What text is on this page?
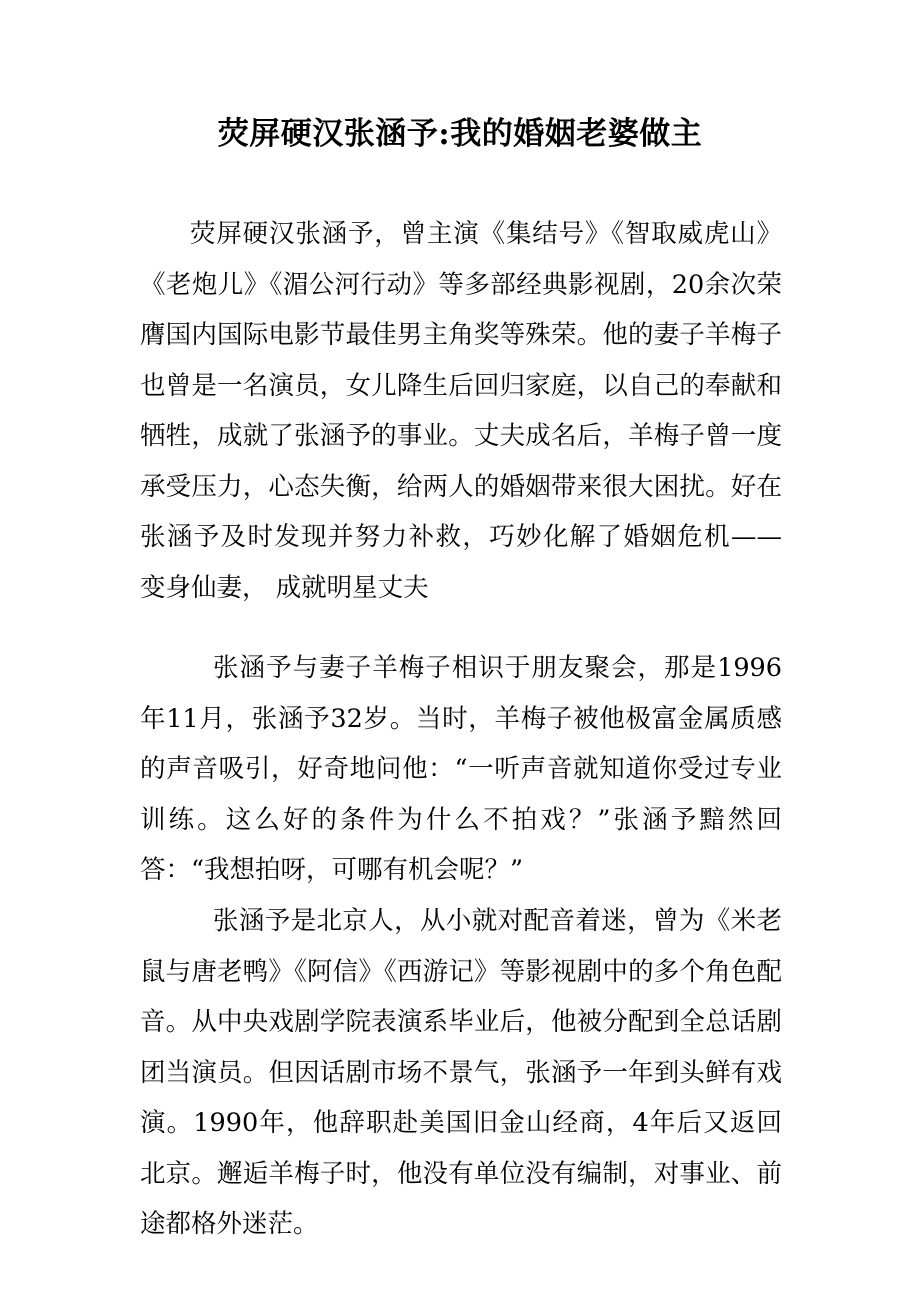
荧屏硬汉张涵予:我的婚姻老婆做主

荧屏硬汉张涵予，曾主演《集结号》《智取威虎山》《老炮儿》《湄公河行动》等多部经典影视剧，20余次荣膺国内国际电影节最佳男主角奖等殊荣。他的妻子羊梅子也曾是一名演员，女儿降生后回归家庭，以自己的奉献和牺牲，成就了张涵予的事业。丈夫成名后，羊梅子曾一度承受压力，心态失衡，给两人的婚姻带来很大困扰。好在张涵予及时发现并努力补救，巧妙化解了婚姻危机——　变身仙妻， 成就明星丈夫

张涵予与妻子羊梅子相识于朋友聚会，那是1996年11月，张涵予32岁。当时，羊梅子被他极富金属质感的声音吸引，好奇地问他：“一听声音就知道你受过专业训练。这么好的条件为什么不拍戏？”张涵予黯然回答：“我想拍呀，可哪有机会呢？”

张涵予是北京人，从小就对配音着迷，曾为《米老鼠与唐老鸭》《阿信》《西游记》等影视剧中的多个角色配音。从中央戏剧学院表演系毕业后，他被分配到全总话剧团当演员。但因话剧市场不景气，张涵予一年到头鲜有戏演。1990年，他辞职赴美国旧金山经商，4年后又返回北京。邂逅羊梅子时，他没有单位没有编制，对事业、前途都格外迷茫。
